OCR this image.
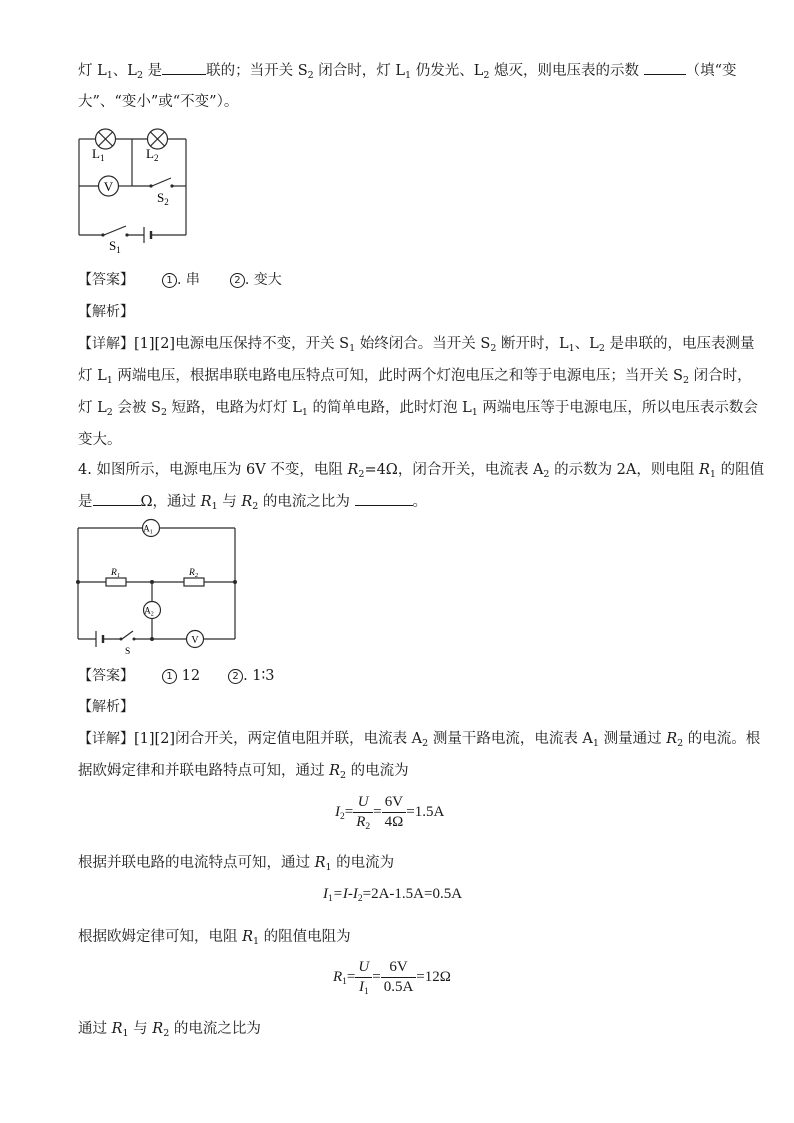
灯 $L_1$、$L_2$ 是	联的；当开关 $S_2$ 闭合时，灯 $L_1$ 仍发光、$L_2$ 熄灭，则电压表的示数	（填“变
大”、“变小”或“不变”）。
V
$L_1$	$L_2$
$S_2$
$S_1$
【答案】	1 . 串	2 . 变大
【解析】
【详解】[1][2]电源电压保持不变，开关 $S_1$ 始终闭合。当开关 $S_2$ 断开时，$L_1$、$L_2$ 是串联的，电压表测量
灯 $L_1$ 两端电压，根据串联电路电压特点可知，此时两个灯泡电压之和等于电源电压；当开关 $S_2$ 闭合时，
灯 $L_2$ 会被 $S_2$ 短路，电路为灯灯 $L_1$ 的简单电路，此时灯泡 $L_1$ 两端电压等于电源电压，所以电压表示数会
变大。
4. 如图所示，电源电压为 6V 不变，电阻 $R_2=4\Omega$，闭合开关，电流表 $A_2$ 的示数为 2A，则电阻 $R_1$ 的阻值
是	Ω，通过 $R_1$ 与 $R_2$ 的电流之比为	。
$A_1$
$A_2$
V
$R_1$	$R_2$
S
【答案】	1 12	2 . 1∶3
【解析】
【详解】[1][2]闭合开关，两定值电阻并联，电流表 $A_2$ 测量干路电流，电流表 $A_1$ 测量通过 $R_2$ 的电流。根
据欧姆定律和并联电路特点可知，通过 $R_2$ 的电流为
$I_2= \frac{U}{R_2} = \frac{6V}{4\Omega} =1.5A$
根据并联电路的电流特点可知，通过 $R_1$ 的电流为
$I_1=I-I_2=2A-1.5A=0.5A$
根据欧姆定律可知，电阻 $R_1$ 的阻值电阻为
$R_1= \frac{U}{I_1} = \frac{6V}{0.5A} =12\Omega$
通过 $R_1$ 与 $R_2$ 的电流之比为
